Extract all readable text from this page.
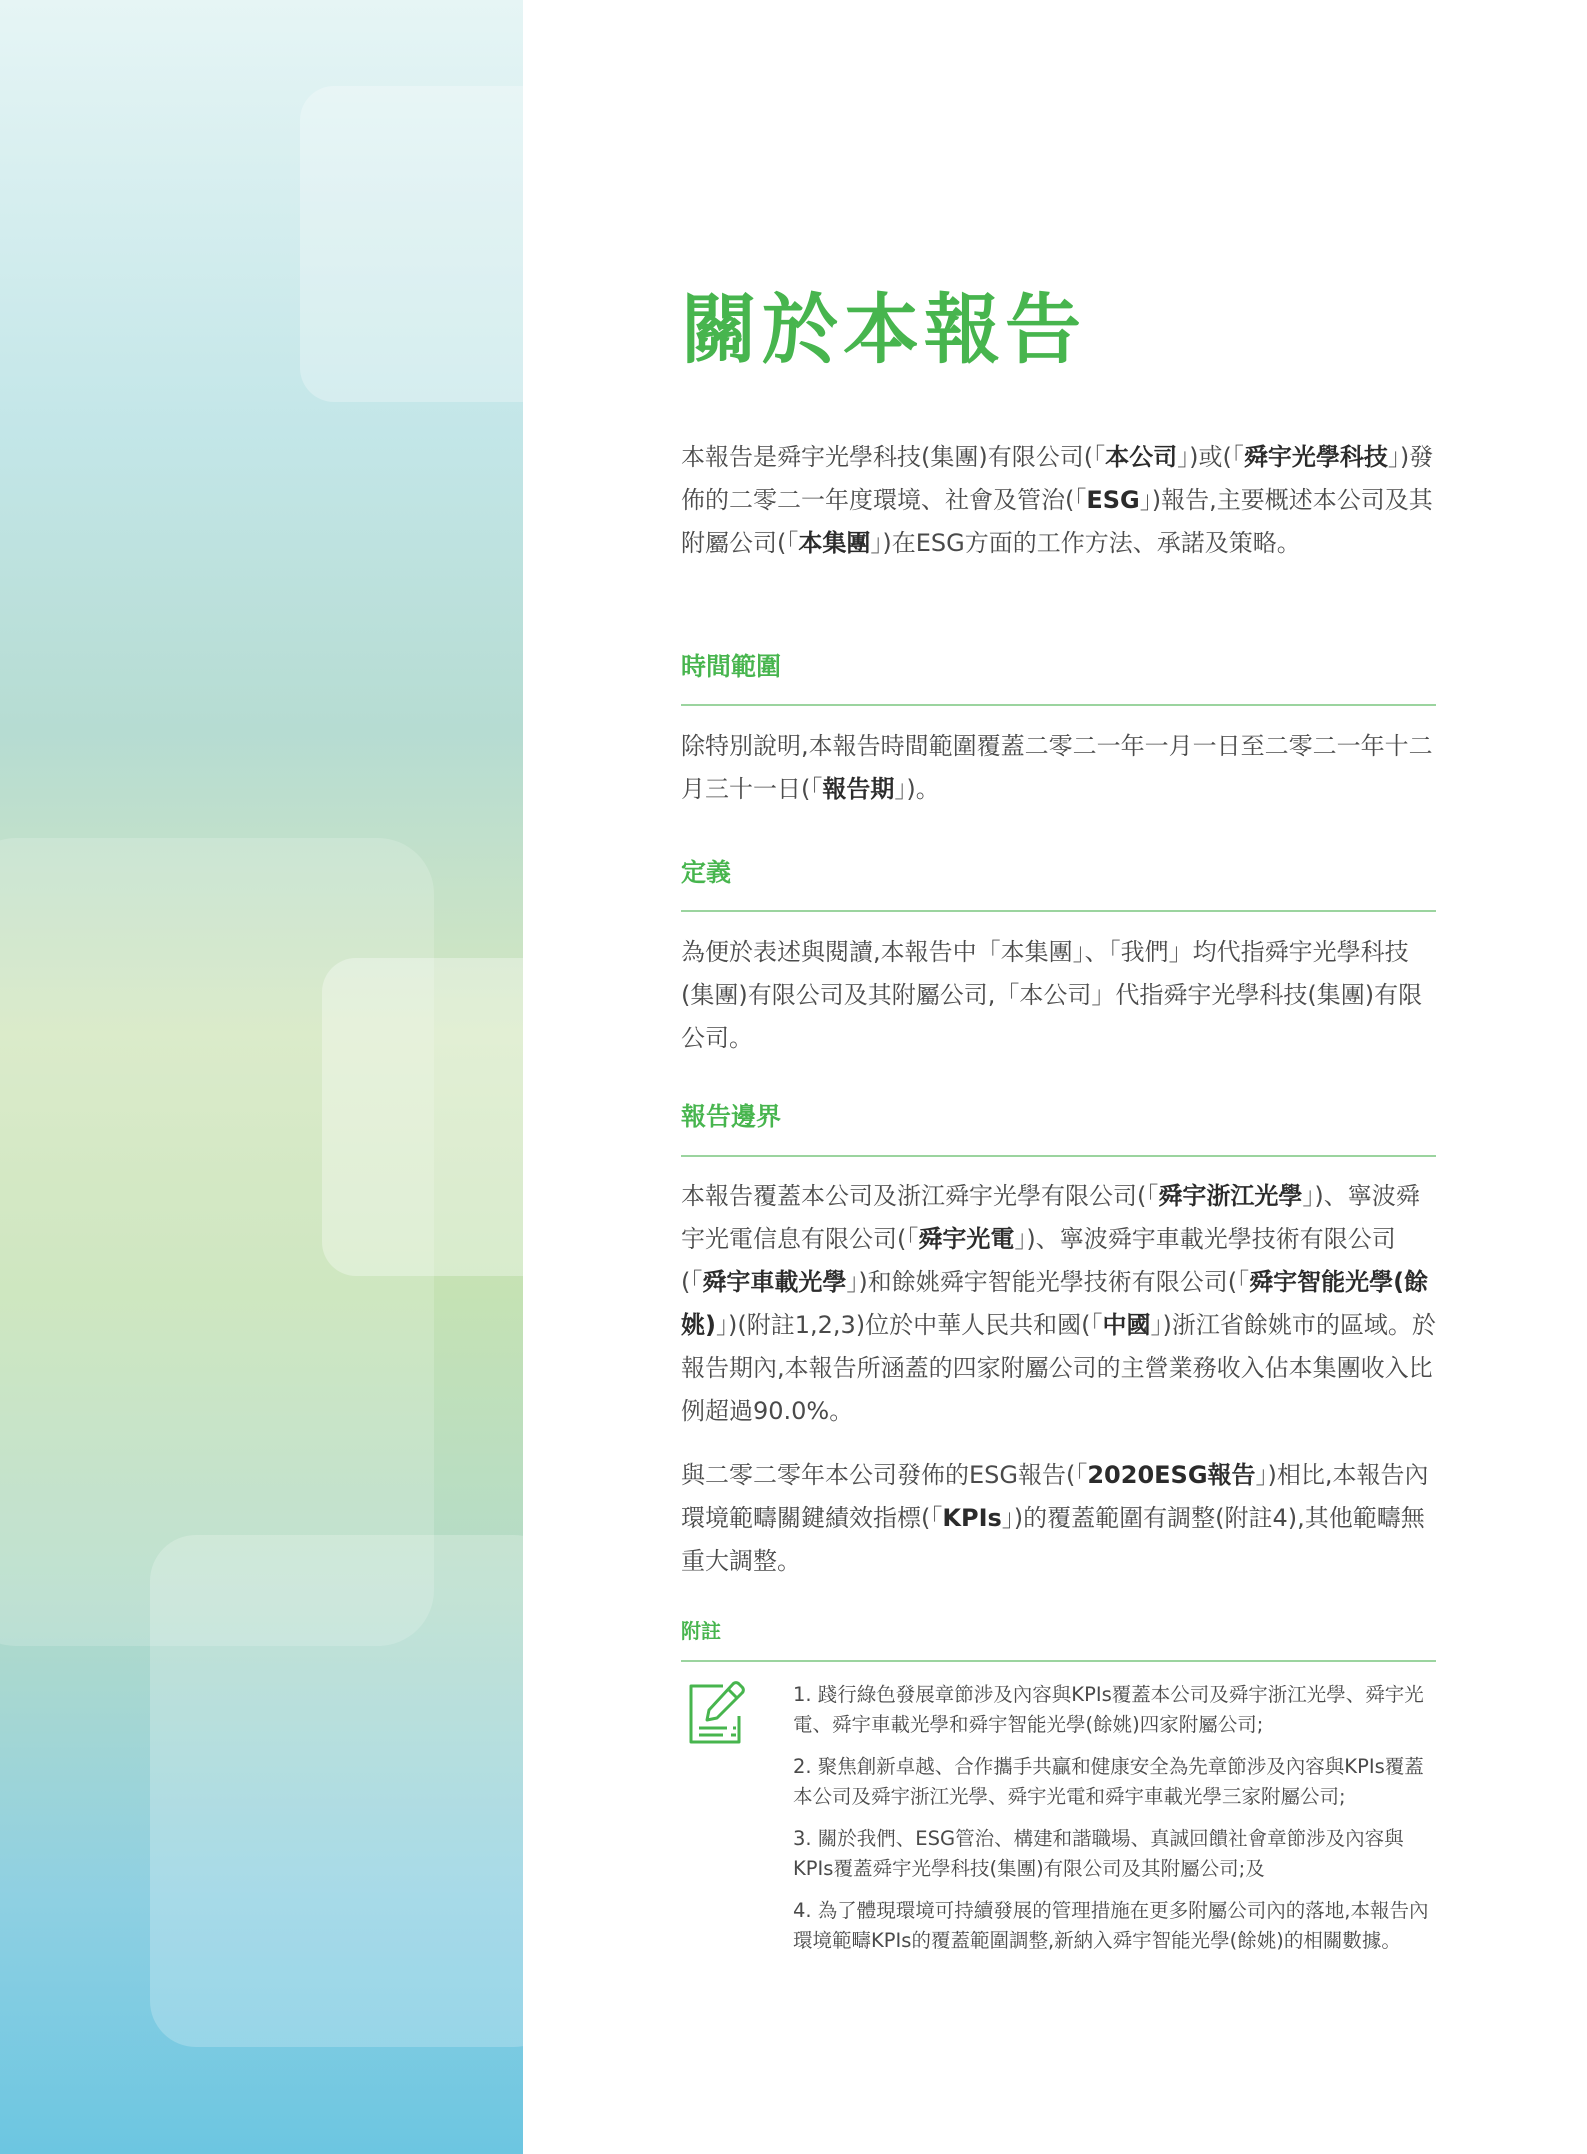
關於本報告

本報告是舜宇光學科技(集團)有限公司(「本公司」)或(「舜宇光學科技」)發佈的二零二一年度環境、社會及管治(「ESG」)報告,主要概述本公司及其附屬公司(「本集團」)在ESG方面的工作方法、承諾及策略。

時間範圍

除特別說明,本報告時間範圍覆蓋二零二一年一月一日至二零二一年十二月三十一日(「報告期」)。

定義

為便於表述與閱讀,本報告中「本集團」、「我們」均代指舜宇光學科技(集團)有限公司及其附屬公司,「本公司」代指舜宇光學科技(集團)有限公司。

報告邊界

本報告覆蓋本公司及浙江舜宇光學有限公司(「舜宇浙江光學」)、寧波舜宇光電信息有限公司(「舜宇光電」)、寧波舜宇車載光學技術有限公司(「舜宇車載光學」)和餘姚舜宇智能光學技術有限公司(「舜宇智能光學(餘姚)」)(附註1,2,3)位於中華人民共和國(「中國」)浙江省餘姚市的區域。於報告期內,本報告所涵蓋的四家附屬公司的主營業務收入佔本集團收入比例超過90.0%。

與二零二零年本公司發佈的ESG報告(「2020ESG報告」)相比,本報告內環境範疇關鍵績效指標(「KPIs」)的覆蓋範圍有調整(附註4),其他範疇無重大調整。

附註
1. 踐行綠色發展章節涉及內容與KPIs覆蓋本公司及舜宇浙江光學、舜宇光電、舜宇車載光學和舜宇智能光學(餘姚)四家附屬公司;
2. 聚焦創新卓越、合作攜手共贏和健康安全為先章節涉及內容與KPIs覆蓋本公司及舜宇浙江光學、舜宇光電和舜宇車載光學三家附屬公司;
3. 關於我們、ESG管治、構建和諧職場、真誠回饋社會章節涉及內容與KPIs覆蓋舜宇光學科技(集團)有限公司及其附屬公司;及
4. 為了體現環境可持續發展的管理措施在更多附屬公司內的落地,本報告內環境範疇KPIs的覆蓋範圍調整,新納入舜宇智能光學(餘姚)的相關數據。
